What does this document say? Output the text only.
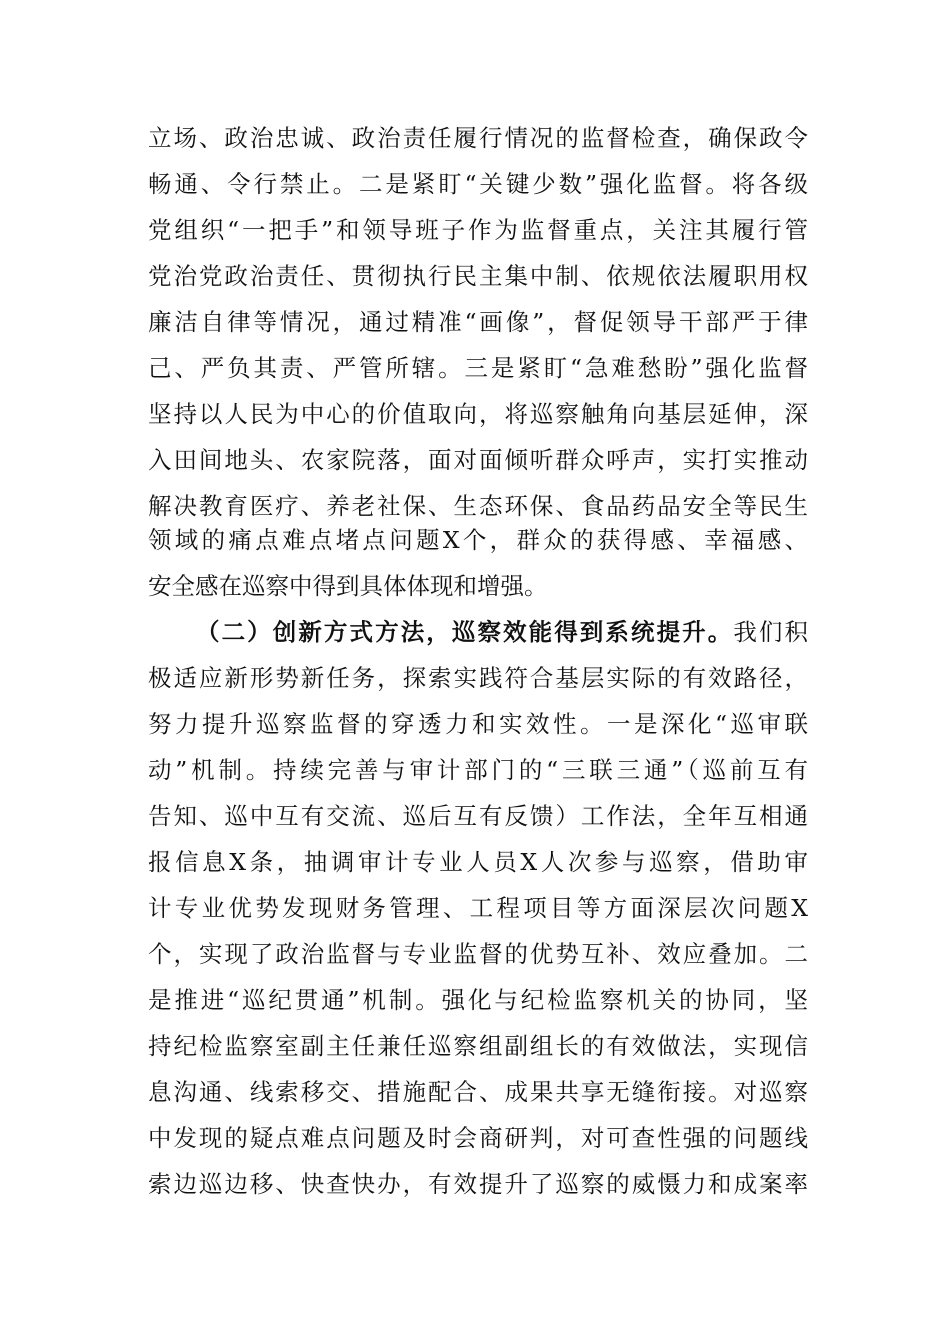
立场、政治忠诚、政治责任履行情况的监督检查，确保政令
畅通、令行禁止。二是紧盯“关键少数”强化监督。将各级
党组织“一把手”和领导班子作为监督重点，关注其履行管
党治党政治责任、贯彻执行民主集中制、依规依法履职用权
廉洁自律等情况，通过精准“画像”，督促领导干部严于律
己、严负其责、严管所辖。三是紧盯“急难愁盼”强化监督
坚持以人民为中心的价值取向，将巡察触角向基层延伸，深
入田间地头、农家院落，面对面倾听群众呼声，实打实推动
解决教育医疗、养老社保、生态环保、食品药品安全等民生
领域的痛点难点堵点问题X个，群众的获得感、幸福感、
安全感在巡察中得到具体体现和增强。
（二）创新方式方法，巡察效能得到系统提升。我们积
极适应新形势新任务，探索实践符合基层实际的有效路径，
努力提升巡察监督的穿透力和实效性。一是深化“巡审联
动”机制。持续完善与审计部门的“三联三通”（巡前互有
告知、巡中互有交流、巡后互有反馈）工作法，全年互相通
报信息X条，抽调审计专业人员X人次参与巡察，借助审
计专业优势发现财务管理、工程项目等方面深层次问题X
个，实现了政治监督与专业监督的优势互补、效应叠加。二
是推进“巡纪贯通”机制。强化与纪检监察机关的协同，坚
持纪检监察室副主任兼任巡察组副组长的有效做法，实现信
息沟通、线索移交、措施配合、成果共享无缝衔接。对巡察
中发现的疑点难点问题及时会商研判，对可查性强的问题线
索边巡边移、快查快办，有效提升了巡察的威慑力和成案率
